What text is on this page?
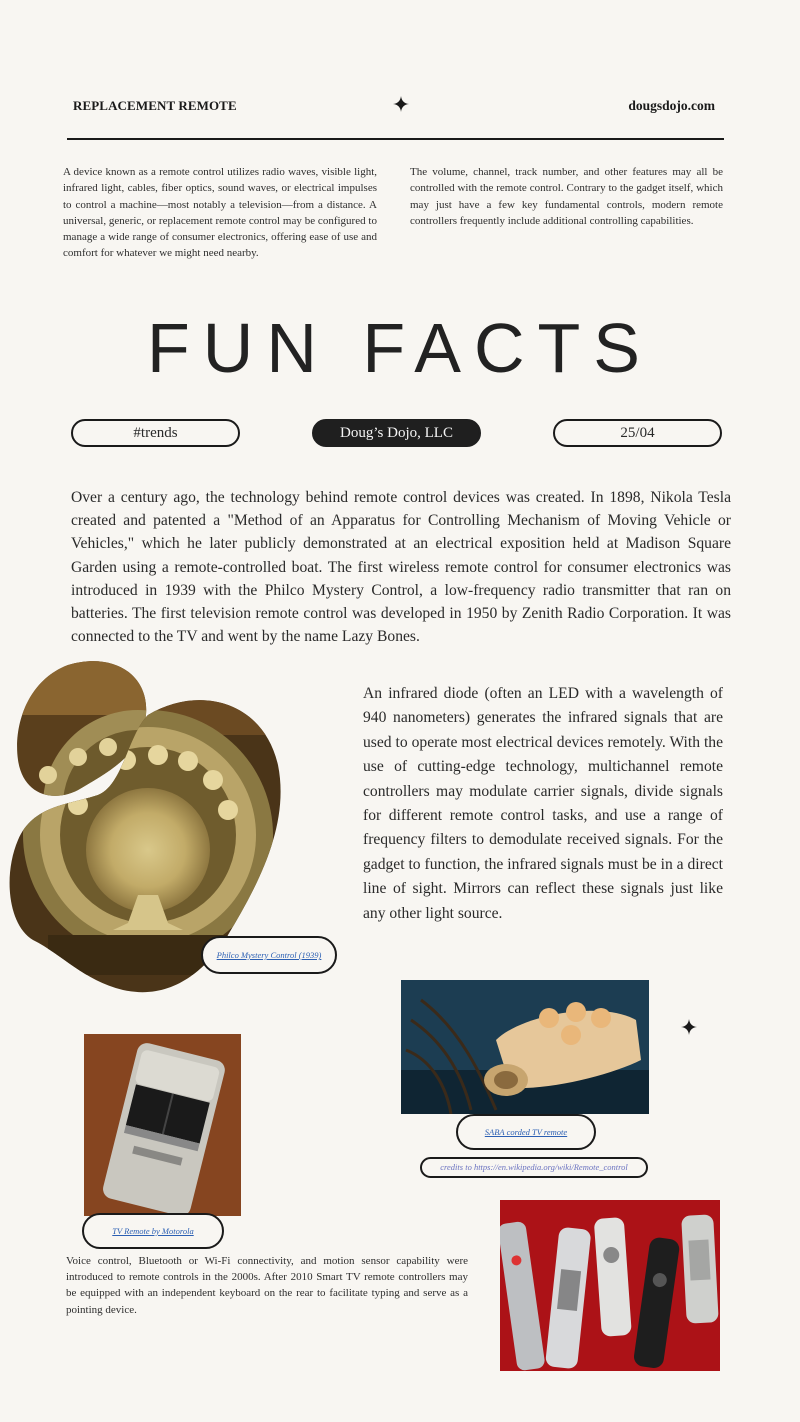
REPLACEMENT REMOTE	dougsdojo.com

A device known as a remote control utilizes radio waves, visible light, infrared light, cables, fiber optics, sound waves, or electrical impulses to control a machine—most notably a television—from a distance. A universal, generic, or replacement remote control may be configured to manage a wide range of consumer electronics, offering ease of use and comfort for whatever we might need nearby.

The volume, channel, track number, and other features may all be controlled with the remote control. Contrary to the gadget itself, which may just have a few key fundamental controls, modern remote controllers frequently include additional controlling capabilities.

FUN FACTS
#trends	Doug’s Dojo, LLC	25/04

Over a century ago, the technology behind remote control devices was created. In 1898, Nikola Tesla created and patented a "Method of an Apparatus for Controlling Mechanism of Moving Vehicle or Vehicles," which he later publicly demonstrated at an electrical exposition held at Madison Square Garden using a remote-controlled boat. The first wireless remote control for consumer electronics was introduced in 1939 with the Philco Mystery Control, a low-frequency radio transmitter that ran on batteries. The first television remote control was developed in 1950 by Zenith Radio Corporation. It was connected to the TV and went by the name Lazy Bones.

Philco Mystery Control (1939)

An infrared diode (often an LED with a wavelength of 940 nanometers) generates the infrared signals that are used to operate most electrical devices remotely. With the use of cutting-edge technology, multichannel remote controllers may modulate carrier signals, divide signals for different remote control tasks, and use a range of frequency filters to demodulate received signals. For the gadget to function, the infrared signals must be in a direct line of sight. Mirrors can reflect these signals just like any other light source.

SABA corded TV remote
credits to https://en.wikipedia.org/wiki/Remote_control
TV Remote by Motorola

Voice control, Bluetooth or Wi-Fi connectivity, and motion sensor capability were introduced to remote controls in the 2000s. After 2010 Smart TV remote controllers may be equipped with an independent keyboard on the rear to facilitate typing and serve as a pointing device.
